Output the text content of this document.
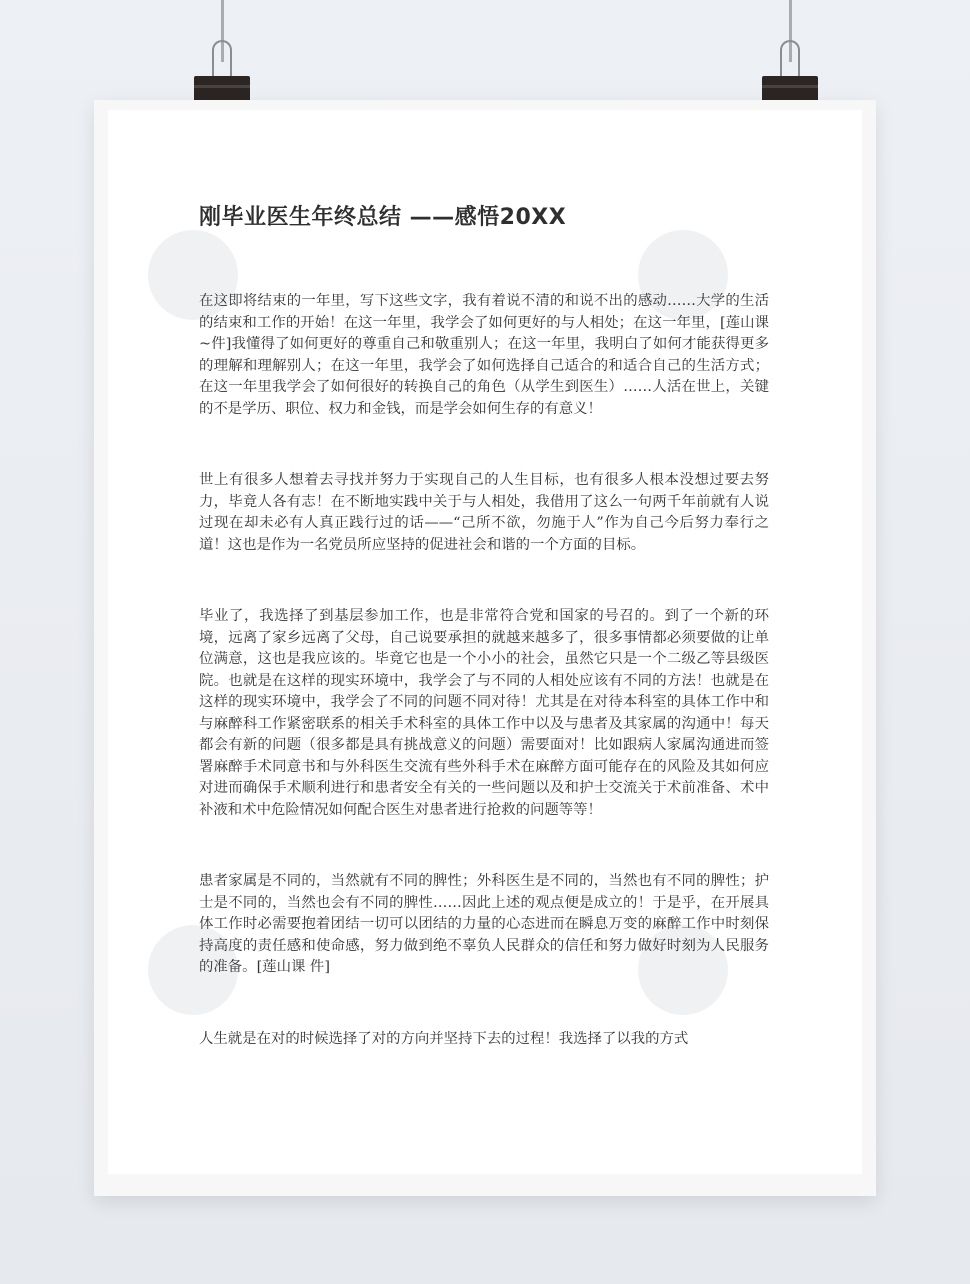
刚毕业医生年终总结 ——感悟20XX

在这即将结束的一年里，写下这些文字，我有着说不清的和说不出的感动……大学的生活的结束和工作的开始！在这一年里，我学会了如何更好的与人相处；在这一年里，[莲山课~件]我懂得了如何更好的尊重自己和敬重别人；在这一年里，我明白了如何才能获得更多的理解和理解别人；在这一年里，我学会了如何选择自己适合的和适合自己的生活方式；在这一年里我学会了如何很好的转换自己的角色（从学生到医生）……人活在世上，关键的不是学历、职位、权力和金钱，而是学会如何生存的有意义！

世上有很多人想着去寻找并努力于实现自己的人生目标，也有很多人根本没想过要去努力，毕竟人各有志！在不断地实践中关于与人相处，我借用了这么一句两千年前就有人说过现在却未必有人真正践行过的话——“己所不欲，勿施于人”作为自己今后努力奉行之道！这也是作为一名党员所应坚持的促进社会和谐的一个方面的目标。

毕业了，我选择了到基层参加工作，也是非常符合党和国家的号召的。到了一个新的环境，远离了家乡远离了父母，自己说要承担的就越来越多了，很多事情都必须要做的让单位满意，这也是我应该的。毕竟它也是一个小小的社会，虽然它只是一个二级乙等县级医院。也就是在这样的现实环境中，我学会了与不同的人相处应该有不同的方法！也就是在这样的现实环境中，我学会了不同的问题不同对待！尤其是在对待本科室的具体工作中和与麻醉科工作紧密联系的相关手术科室的具体工作中以及与患者及其家属的沟通中！每天都会有新的问题（很多都是具有挑战意义的问题）需要面对！比如跟病人家属沟通进而签署麻醉手术同意书和与外科医生交流有些外科手术在麻醉方面可能存在的风险及其如何应对进而确保手术顺利进行和患者安全有关的一些问题以及和护士交流关于术前准备、术中补液和术中危险情况如何配合医生对患者进行抢救的问题等等！

患者家属是不同的，当然就有不同的脾性；外科医生是不同的，当然也有不同的脾性；护士是不同的，当然也会有不同的脾性……因此上述的观点便是成立的！于是乎，在开展具体工作时必需要抱着团结一切可以团结的力量的心态进而在瞬息万变的麻醉工作中时刻保持高度的责任感和使命感，努力做到绝不辜负人民群众的信任和努力做好时刻为人民服务的准备。[莲山课 件]

人生就是在对的时候选择了对的方向并坚持下去的过程！我选择了以我的方式
